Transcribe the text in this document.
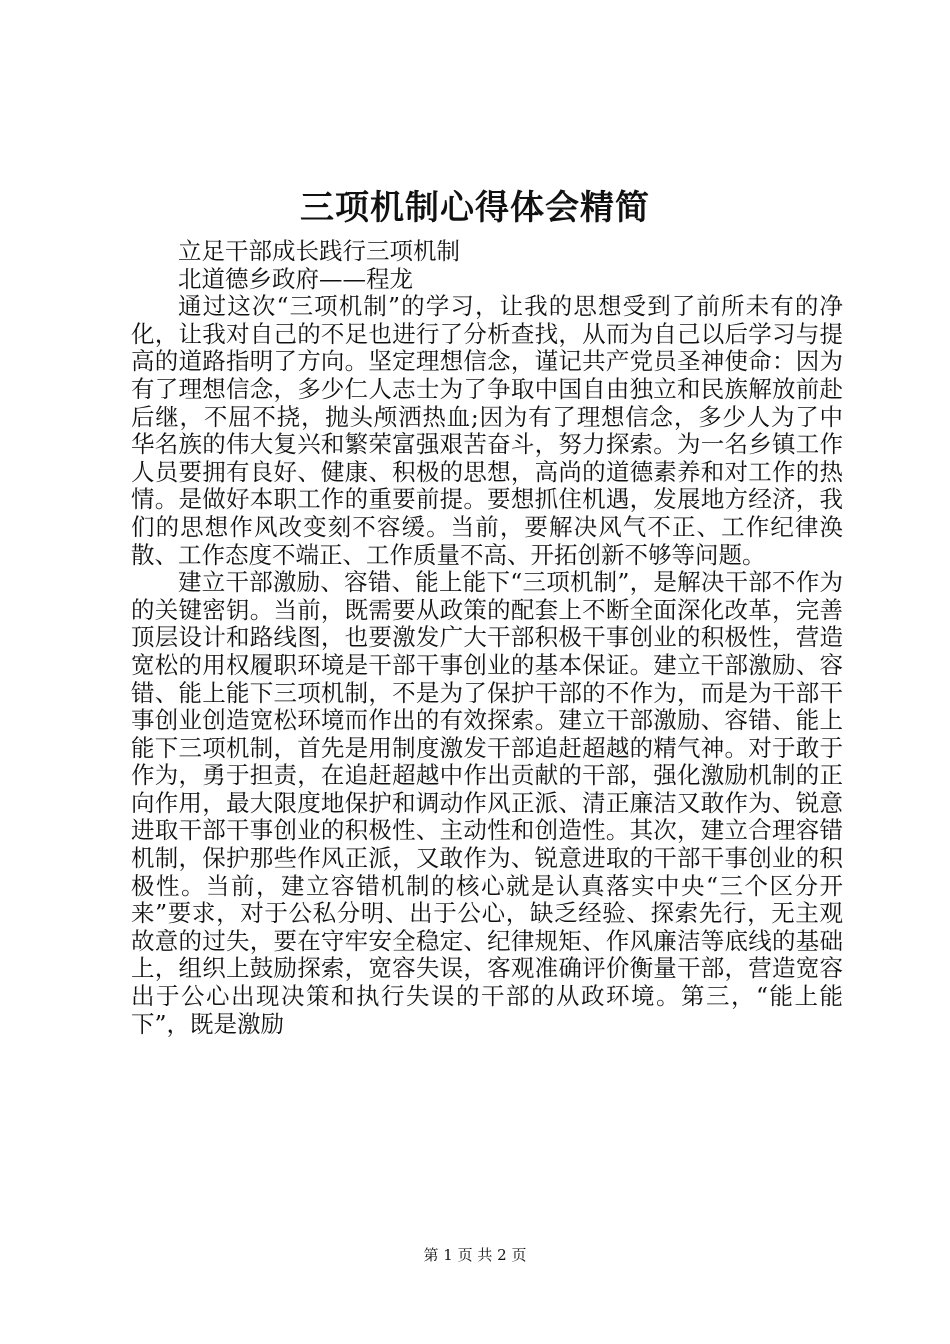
三项机制心得体会精简

立足干部成长践行三项机制

北道德乡政府——程龙

通过这次“三项机制”的学习，让我的思想受到了前所未有的净化，让我对自己的不足也进行了分析查找，从而为自己以后学习与提高的道路指明了方向。坚定理想信念，谨记共产党员圣神使命：因为有了理想信念，多少仁人志士为了争取中国自由独立和民族解放前赴后继，不屈不挠，抛头颅洒热血;因为有了理想信念，多少人为了中华名族的伟大复兴和繁荣富强艰苦奋斗，努力探索。为一名乡镇工作人员要拥有良好、健康、积极的思想，高尚的道德素养和对工作的热情。是做好本职工作的重要前提。要想抓住机遇，发展地方经济，我们的思想作风改变刻不容缓。当前，要解决风气不正、工作纪律涣散、工作态度不端正、工作质量不高、开拓创新不够等问题。

建立干部激励、容错、能上能下“三项机制”，是解决干部不作为的关键密钥。当前，既需要从政策的配套上不断全面深化改革，完善顶层设计和路线图，也要激发广大干部积极干事创业的积极性，营造宽松的用权履职环境是干部干事创业的基本保证。建立干部激励、容错、能上能下三项机制，不是为了保护干部的不作为，而是为干部干事创业创造宽松环境而作出的有效探索。建立干部激励、容错、能上能下三项机制，首先是用制度激发干部追赶超越的精气神。对于敢于作为，勇于担责，在追赶超越中作出贡献的干部，强化激励机制的正向作用，最大限度地保护和调动作风正派、清正廉洁又敢作为、锐意进取干部干事创业的积极性、主动性和创造性。其次，建立合理容错机制，保护那些作风正派，又敢作为、锐意进取的干部干事创业的积极性。当前，建立容错机制的核心就是认真落实中央“三个区分开来”要求，对于公私分明、出于公心，缺乏经验、探索先行，无主观故意的过失，要在守牢安全稳定、纪律规矩、作风廉洁等底线的基础上，组织上鼓励探索，宽容失误，客观准确评价衡量干部，营造宽容出于公心出现决策和执行失误的干部的从政环境。第三，“能上能下”，既是激励

第 1 页 共 2 页
